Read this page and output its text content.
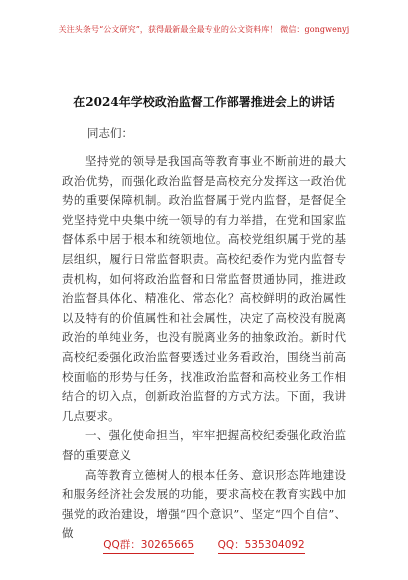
关注头条号“公文研究”，获得最新最全最专业的公文资料库！ 微信：gongwenyj
在2024年学校政治监督工作部署推进会上的讲话
同志们：

坚持党的领导是我国高等教育事业不断前进的最大政治优势，而强化政治监督是高校充分发挥这一政治优势的重要保障机制。政治监督属于党内监督，是督促全党坚持党中央集中统一领导的有力举措，在党和国家监督体系中居于根本和统领地位。高校党组织属于党的基层组织，履行日常监督职责。高校纪委作为党内监督专责机构，如何将政治监督和日常监督贯通协同，推进政治监督具体化、精准化、常态化？高校鲜明的政治属性以及特有的价值属性和社会属性，决定了高校没有脱离政治的单纯业务，也没有脱离业务的抽象政治。新时代高校纪委强化政治监督要透过业务看政治，围绕当前高校面临的形势与任务，找准政治监督和高校业务工作相结合的切入点，创新政治监督的方式方法。下面，我讲几点要求。

一、强化使命担当，牢牢把握高校纪委强化政治监督的重要意义

高等教育立德树人的根本任务、意识形态阵地建设和服务经济社会发展的功能，要求高校在教育实践中加强党的政治建设，增强“四个意识”、坚定“四个自信”、做

QQ群：30265665 QQ：535304092
